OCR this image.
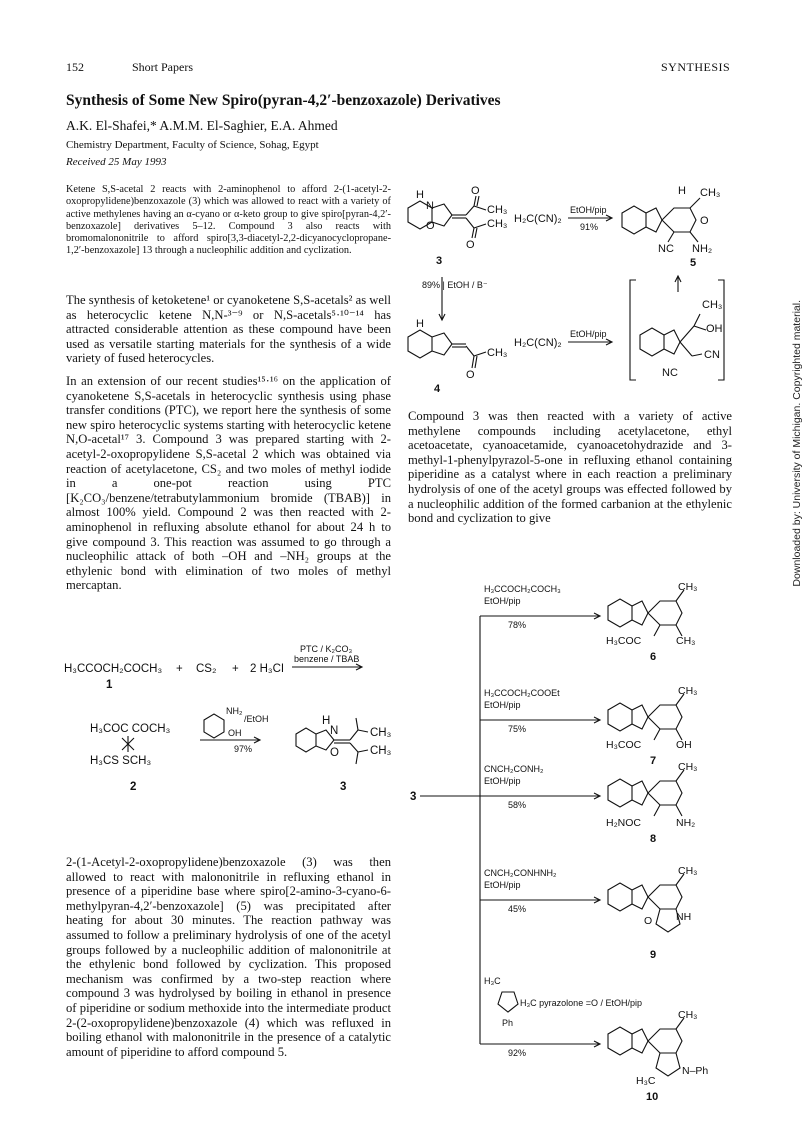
152	Short Papers	SYNTHESIS
Synthesis of Some New Spiro(pyran-4,2′-benzoxazole) Derivatives
A.K. El-Shafei,* A.M.M. El-Saghier, E.A. Ahmed
Chemistry Department, Faculty of Science, Sohag, Egypt
Received 25 May 1993

Ketene S,S-acetal 2 reacts with 2-aminophenol to afford 2-(1-acetyl-2-oxopropylidene)benzoxazole (3) which was allowed to react with a variety of active methylenes having an α-cyano or α-keto group to give spiro[pyran-4,2′-benzoxazole] derivatives 5–12. Compound 3 also reacts with bromomalononitrile to afford spiro[3,3-diacetyl-2,2-dicyanocyclopropane-1,2′-benzoxazole] 13 through a nucleophilic addition and cyclization.

The synthesis of ketoketene¹ or cyanoketene S,S-acetals² as well as heterocyclic ketene N,N-³⁻⁹ or N,S-acetals⁵·¹⁰⁻¹⁴ has attracted considerable attention as these compound have been used as versatile starting materials for the synthesis of a wide variety of fused heterocycles.

In an extension of our recent studies¹⁵·¹⁶ on the application of cyanoketene S,S-acetals in heterocyclic synthesis using phase transfer conditions (PTC), we report here the synthesis of some new spiro heterocyclic systems starting with heterocyclic ketene N,O-acetal¹⁷ 3. Compound 3 was prepared starting with 2-acetyl-2-oxopropylidene S,S-acetal 2 which was obtained via reaction of acetylacetone, CS₂ and two moles of methyl iodide in a one-pot reaction using PTC [K₂CO₃/benzene/tetrabutylammonium bromide (TBAB)] in almost 100% yield. Compound 2 was then reacted with 2-aminophenol in refluxing absolute ethanol for about 24 h to give compound 3. This reaction was assumed to go through a nucleophilic attack of both –OH and –NH₂ groups at the ethylenic bond with elimination of two moles of methyl mercaptan.

2-(1-Acetyl-2-oxopropylidene)benzoxazole (3) was then allowed to react with malononitrile in refluxing ethanol in presence of a piperidine base where spiro[2-amino-3-cyano-6-methylpyran-4,2′-benzoxazole] (5) was precipitated after heating for about 30 minutes. The reaction pathway was assumed to follow a preliminary hydrolysis of one of the acetyl groups followed by a nucleophilic addition of malononitrile at the ethylenic bond followed by cyclization. This proposed mechanism was confirmed by a two-step reaction where compound 3 was hydrolysed by boiling in ethanol in presence of piperidine or sodium methoxide into the intermediate product 2-(2-oxopropylidene)benzoxazole (4) which was refluxed in boiling ethanol with malononitrile in the presence of a catalytic amount of piperidine to afford compound 5.

Compound 3 was then reacted with a variety of active methylene compounds including acetylacetone, ethyl acetoacetate, cyanoacetamide, cyanoacetohydrazide and 3-methyl-1-phenylpyrazol-5-one in refluxing ethanol containing piperidine as a catalyst where in each reaction a preliminary hydrolysis of one of the acetyl groups was effected followed by a nucleophilic addition of the formed carbanion at the ethylenic bond and cyclization to give	Downloaded by: University of Michigan. Copyrighted material.
H
N
O
O
CH₃
CH₃
O
3
H₂C(CN)₂
EtOH/pip
91%
H CH₃
O
NC NH₂
5
89% | EtOH / B⁻
H
CH₃
O
4
H₂C(CN)₂
EtOH/pip
CH₃
OH
CN
NC
H₃CCOCH₂COCH₃ + CS₂ + 2 H₃CI
PTC / K₂CO₃
benzene / TBAB
1
H₃COC COCH₃
H₃CS SCH₃
2
NH₂
OH
/EtOH
97%
H
N
O
CH₃
CH₃
3
3
H₃CCOCH₂COCH₃
EtOH/pip
78%
H₃COC	CH₃
6
CH₃
H₃CCOCH₂COOEt
EtOH/pip
75%
H₃COC	OH
7
CH₃
CNCH₂CONH₂
EtOH/pip
58%
H₂NOC	NH₂
8
CH₃
CNCH₂CONHNH₂
EtOH/pip
45%
NH
O
9
CH₃
H₃C
H₃C pyrazolone =O / EtOH/pip
Ph
92%
H₃C
N–Ph
10
CH₃
